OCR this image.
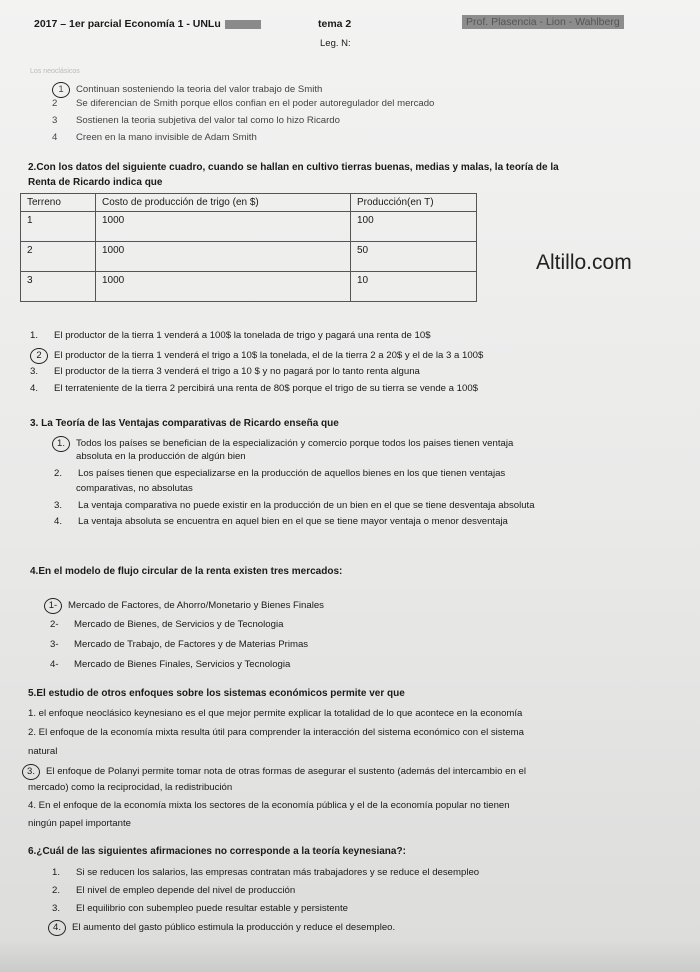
2017 – 1er parcial Economía 1 - UNLu	tema 2	Prof. Plasencia - Lion - Wahlberg
Leg. N:
Los neoclásicos
1 Continuan sosteniendo la teoria del valor trabajo de Smith
2 Se diferencian de Smith porque ellos confian en el poder autoregulador del mercado
3 Sostienen la teoria subjetiva del valor tal como lo hizo Ricardo
4 Creen en la mano invisible de Adam Smith
2.Con los datos del siguiente cuadro, cuando se hallan en cultivo tierras buenas, medias y malas, la teoría de la
Renta de Ricardo indica que
Terreno	Costo de producción de trigo (en $)	Producción(en T)
1	1000	100
2	1000	50
3	1000	10
Altillo.com
1. El productor de la tierra 1 venderá a 100$ la tonelada de trigo y pagará una renta de 10$
2 El productor de la tierra 1 venderá el trigo a 10$ la tonelada, el de la tierra 2 a 20$ y el de la 3 a 100$
3. El productor de la tierra 3 venderá el trigo a 10 $ y no pagará por lo tanto renta alguna
4. El terrateniente de la tierra 2 percibirá una renta de 80$ porque el trigo de su tierra se vende a 100$
3. La Teoría de las Ventajas comparativas de Ricardo enseña que
1. Todos los países se benefician de la especialización y comercio porque todos los paises tienen ventaja
absoluta en la producción de algún bien
2. Los países tienen que especializarse en la producción de aquellos bienes en los que tienen ventajas
comparativas, no absolutas
3. La ventaja comparativa no puede existir en la producción de un bien en el que se tiene desventaja absoluta
4. La ventaja absoluta se encuentra en aquel bien en el que se tiene mayor ventaja o menor desventaja
4.En el modelo de flujo circular de la renta existen tres mercados:
1- Mercado de Factores, de Ahorro/Monetario y Bienes Finales
2- Mercado de Bienes, de Servicios y de Tecnologia
3- Mercado de Trabajo, de Factores y de Materias Primas
4- Mercado de Bienes Finales, Servicios y Tecnologia
5.El estudio de otros enfoques sobre los sistemas económicos permite ver que
1. el enfoque neoclásico keynesiano es el que mejor permite explicar la totalidad de lo que acontece en la economía
2. El enfoque de la economía mixta resulta útil para comprender la interacción del sistema económico con el sistema
natural
3. El enfoque de Polanyi permite tomar nota de otras formas de asegurar el sustento (además del intercambio en el
mercado) como la reciprocidad, la redistribución
4. En el enfoque de la economía mixta los sectores de la economía pública y el de la economía popular no tienen
ningún papel importante
6.¿Cuál de las siguientes afirmaciones no corresponde a la teoría keynesiana?:
1. Si se reducen los salarios, las empresas contratan más trabajadores y se reduce el desempleo
2. El nivel de empleo depende del nivel de producción
3. El equilibrio con subempleo puede resultar estable y persistente
4. El aumento del gasto público estimula la producción y reduce el desempleo.
